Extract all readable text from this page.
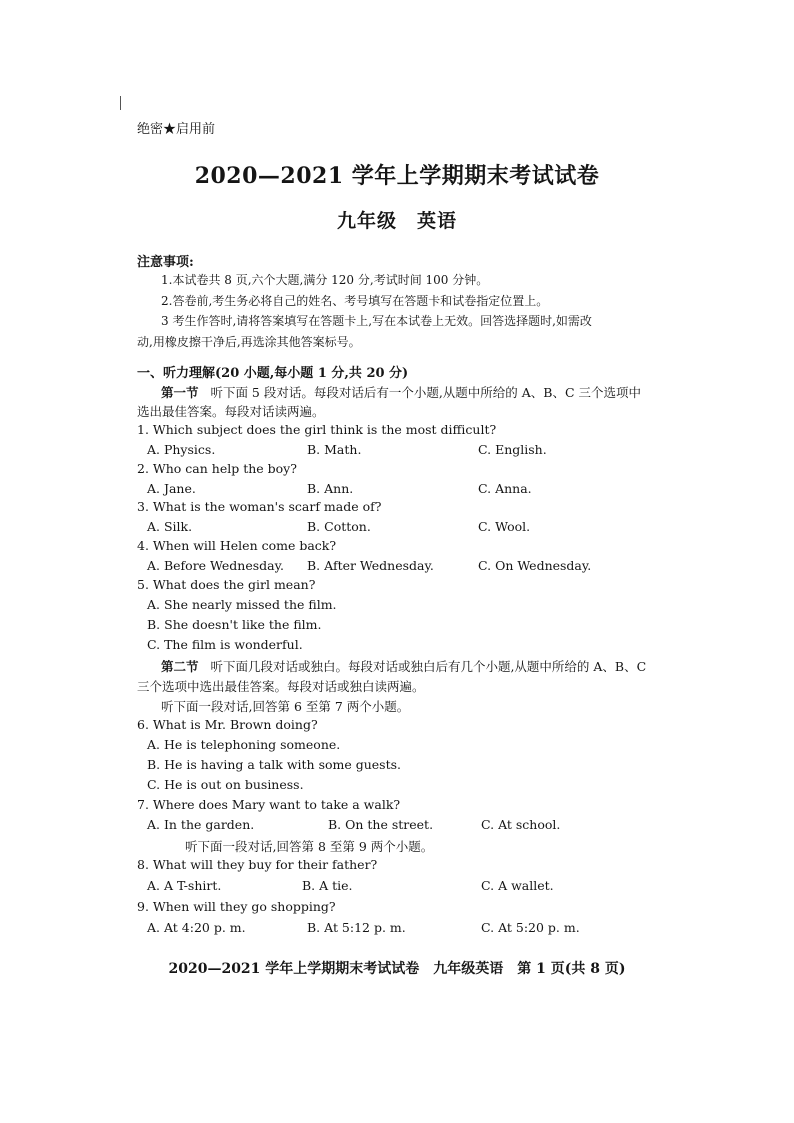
绝密★启用前
2020—2021 学年上学期期末考试试卷
九年级　英语
注意事项:
1.本试卷共 8 页,六个大题,满分 120 分,考试时间 100 分钟。
2.答卷前,考生务必将自己的姓名、考号填写在答题卡和试卷指定位置上。
3 考生作答时,请将答案填写在答题卡上,写在本试卷上无效。回答选择题时,如需改
动,用橡皮擦干净后,再选涂其他答案标号。
一、听力理解(20 小题,每小题 1 分,共 20 分)
第一节 听下面 5 段对话。每段对话后有一个小题,从题中所给的 A、B、C 三个选项中
选出最佳答案。每段对话读两遍。
1. Which subject does the girl think is the most difficult?
A. Physics.	B. Math.	C. English.
2. Who can help the boy?
A. Jane.	B. Ann.	C. Anna.
3. What is the woman's scarf made of?
A. Silk.	B. Cotton.	C. Wool.
4. When will Helen come back?
A. Before Wednesday. B. After Wednesday.	C. On Wednesday.
5. What does the girl mean?
A. She nearly missed the film.
B. She doesn't like the film.
C. The film is wonderful.
第二节 听下面几段对话或独白。每段对话或独白后有几个小题,从题中所给的 A、B、C
三个选项中选出最佳答案。每段对话或独白读两遍。
听下面一段对话,回答第 6 至第 7 两个小题。
6. What is Mr. Brown doing?
A. He is telephoning someone.
B. He is having a talk with some guests.
C. He is out on business.
7. Where does Mary want to take a walk?
A. In the garden.	B. On the street.	C. At school.
听下面一段对话,回答第 8 至第 9 两个小题。
8. What will they buy for their father?
A. A T-shirt.	B. A tie.	C. A wallet.
9. When will they go shopping?
A. At 4:20 p. m.	B. At 5:12 p. m.	C. At 5:20 p. m.
2020—2021 学年上学期期末考试试卷　九年级英语　第 1 页(共 8 页)
